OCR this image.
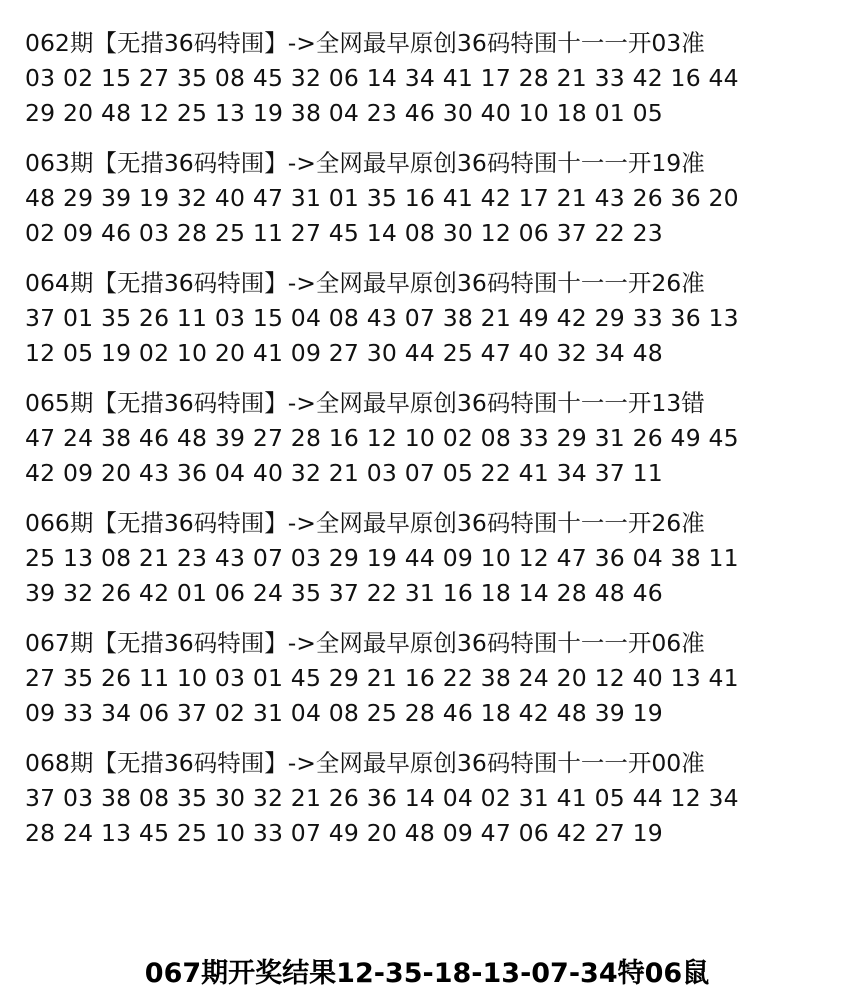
062期【无措36码特围】->全网最早原创36码特围十一一开03准
03 02 15 27 35 08 45 32 06 14 34 41 17 28 21 33 42 16 44
29 20 48 12 25 13 19 38 04 23 46 30 40 10 18 01 05
063期【无措36码特围】->全网最早原创36码特围十一一开19准
48 29 39 19 32 40 47 31 01 35 16 41 42 17 21 43 26 36 20
02 09 46 03 28 25 11 27 45 14 08 30 12 06 37 22 23
064期【无措36码特围】->全网最早原创36码特围十一一开26准
37 01 35 26 11 03 15 04 08 43 07 38 21 49 42 29 33 36 13
12 05 19 02 10 20 41 09 27 30 44 25 47 40 32 34 48
065期【无措36码特围】->全网最早原创36码特围十一一开13错
47 24 38 46 48 39 27 28 16 12 10 02 08 33 29 31 26 49 45
42 09 20 43 36 04 40 32 21 03 07 05 22 41 34 37 11
066期【无措36码特围】->全网最早原创36码特围十一一开26准
25 13 08 21 23 43 07 03 29 19 44 09 10 12 47 36 04 38 11
39 32 26 42 01 06 24 35 37 22 31 16 18 14 28 48 46
067期【无措36码特围】->全网最早原创36码特围十一一开06准
27 35 26 11 10 03 01 45 29 21 16 22 38 24 20 12 40 13 41
09 33 34 06 37 02 31 04 08 25 28 46 18 42 48 39 19
068期【无措36码特围】->全网最早原创36码特围十一一开00准
37 03 38 08 35 30 32 21 26 36 14 04 02 31 41 05 44 12 34
28 24 13 45 25 10 33 07 49 20 48 09 47 06 42 27 19
067期开奖结果12-35-18-13-07-34特06鼠
